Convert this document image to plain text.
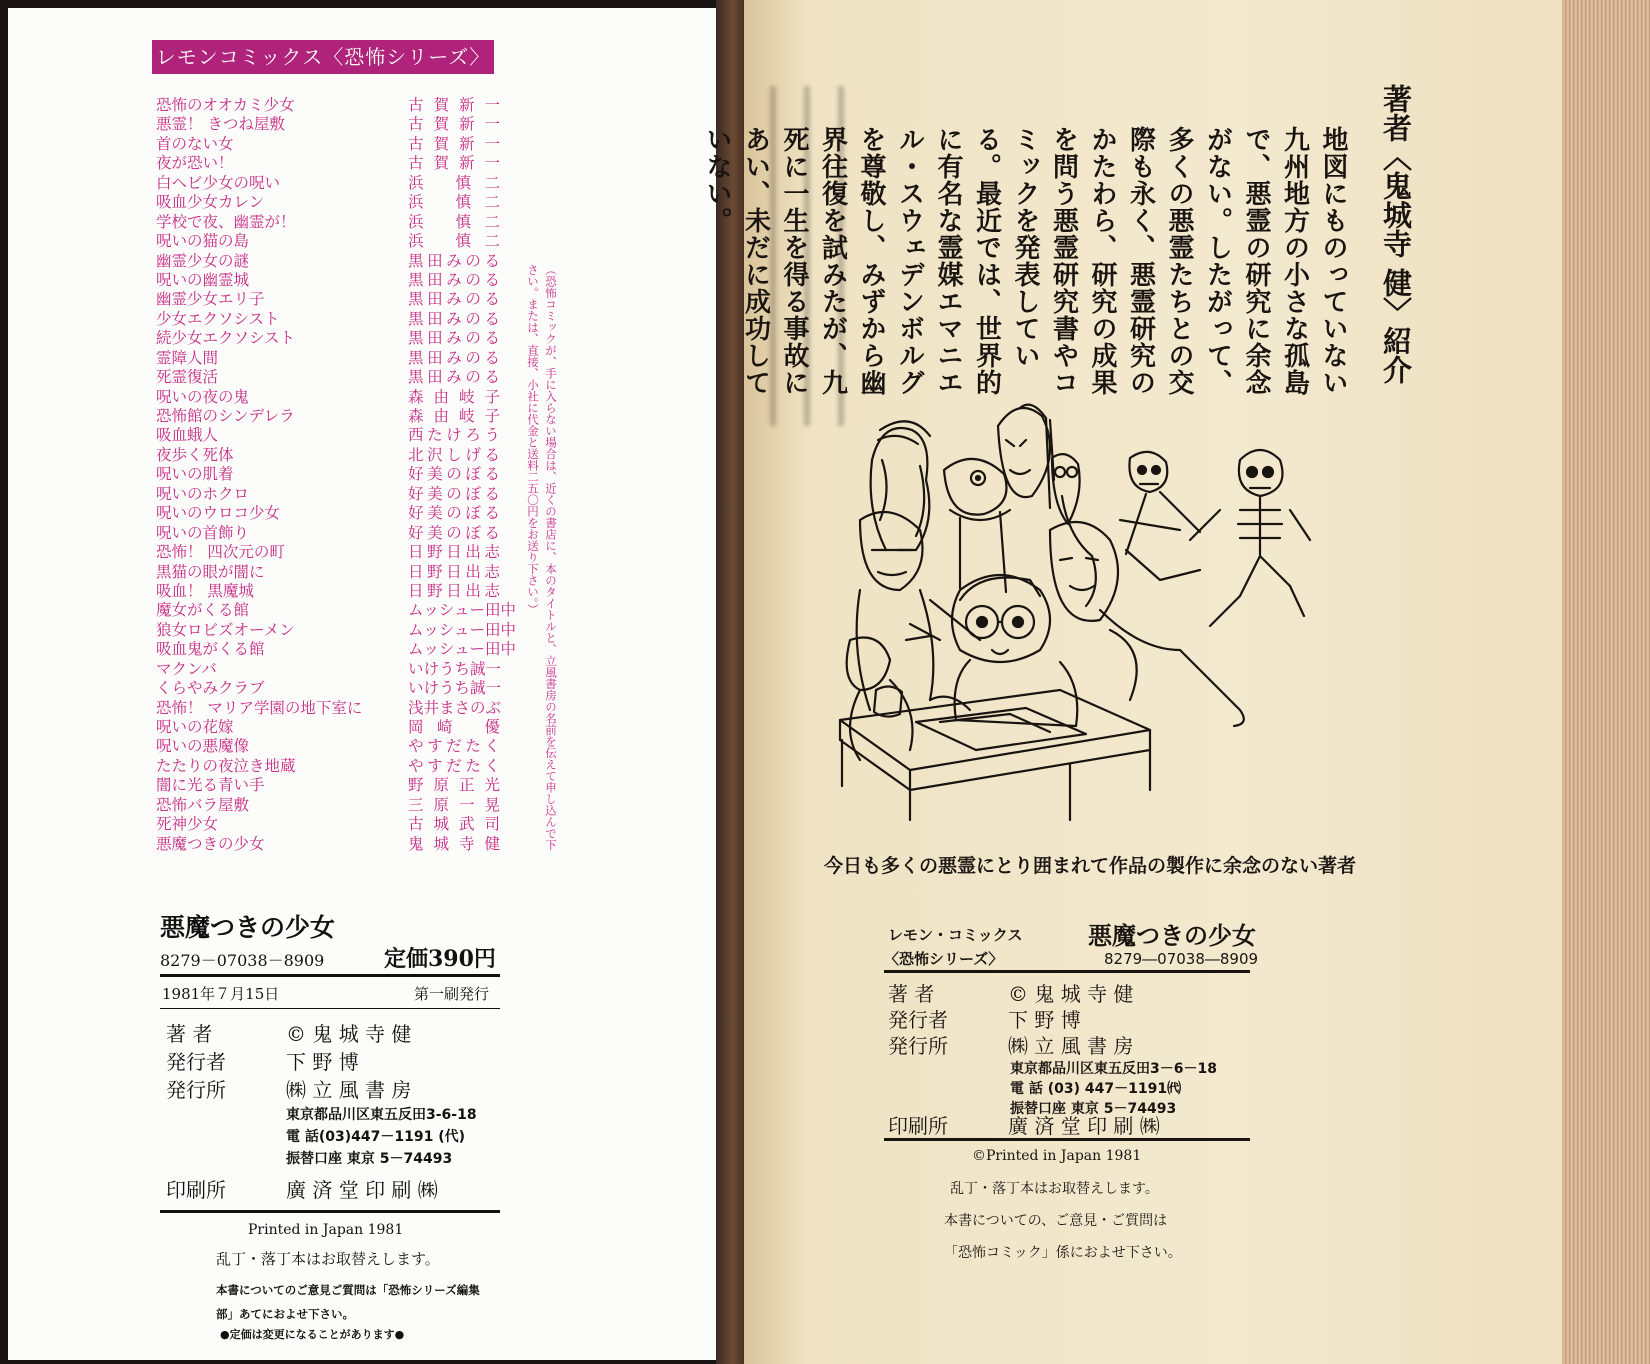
レモンコミックス〈恐怖シリーズ〉
恐怖のオオカミ少女	古賀新一
悪霊！ きつね屋敷	古賀新一
首のない女	古賀新一
夜が恐い！	古賀新一
白ヘビ少女の呪い	浜 慎二
吸血少女カレン	浜 慎二
学校で夜、幽霊が！	浜 慎二
呪いの猫の島	浜 慎二
幽霊少女の謎	黒田みのる
呪いの幽霊城	黒田みのる
幽霊少女エリ子	黒田みのる
少女エクソシスト	黒田みのる
続少女エクソシスト	黒田みのる
霊障人間	黒田みのる
死霊復活	黒田みのる
呪いの夜の鬼	森由岐子
恐怖館のシンデレラ	森由岐子
吸血蛾人	西たけろう
夜歩く死体	北沢しげる
呪いの肌着	好美のぼる
呪いのホクロ	好美のぼる
呪いのウロコ少女	好美のぼる
呪いの首飾り	好美のぼる
恐怖！ 四次元の町	日野日出志
黒猫の眼が闇に	日野日出志
吸血！ 黒魔城	日野日出志
魔女がくる館	ムッシュー田中
狼女ロビズオーメン	ムッシュー田中
吸血鬼がくる館	ムッシュー田中
マクンバ	いけうち誠一
くらやみクラブ	いけうち誠一
恐怖！ マリア学園の地下室に	浅井まさのぶ
呪いの花嫁	岡崎 優
呪いの悪魔像	やすだたく
たたりの夜泣き地蔵	やすだたく
闇に光る青い手	野原正光
恐怖バラ屋敷	三原一晃
死神少女	古城武司
悪魔つきの少女	鬼城寺健	（恐怖コミックが、手に入らない場合は、近くの書店に、本のタイトルと、立風書房の名前を伝えて申し込んで下さい。または、直接、小社に代金と送料二五〇円をお送り下さい。）
悪魔つきの少女
8279－07038－8909	定価390円
1981年７月15日	第一刷発行
著 者	© 鬼 城 寺 健
発行者	下 野 博
発行所	㈱ 立 風 書 房
東京都品川区東五反田3-6-18
電 話(03)447－1191 (代)
振替口座 東京 5－74493
印刷所	廣 済 堂 印 刷 ㈱
Printed in Japan 1981
乱丁・落丁本はお取替えします。
本書についてのご意見ご質問は「恐怖シリーズ編集部」あてにおよせ下さい。
●定価は変更になることがあります●
著者〈鬼城寺 健〉紹介
地図にものっていない九州地方の小さな孤島で、悪霊の研究に余念がない。したがって、多くの悪霊たちとの交際も永く、悪霊研究のかたわら、研究の成果を問う悪霊研究書やコミックを発表している。最近では、世界的に有名な霊媒エマニエル・スウェデンボルグを尊敬し、みずから幽界往復を試みたが、九死に一生を得る事故にあい、未だに成功していない。
今日も多くの悪霊にとり囲まれて作品の製作に余念のない著者
レモン・コミックス
〈恐怖シリーズ〉
悪魔つきの少女
8279―07038―8909
著 者	© 鬼 城 寺 健
発行者	下 野 博
発行所	㈱ 立 風 書 房
東京都品川区東五反田3－6－18
電 話 (03) 447－1191㈹
振替口座 東京 5－74493
印刷所	廣 済 堂 印 刷 ㈱
©Printed in Japan 1981
乱丁・落丁本はお取替えします。
本書についての、ご意見・ご質問は
「恐怖コミック」係におよせ下さい。
